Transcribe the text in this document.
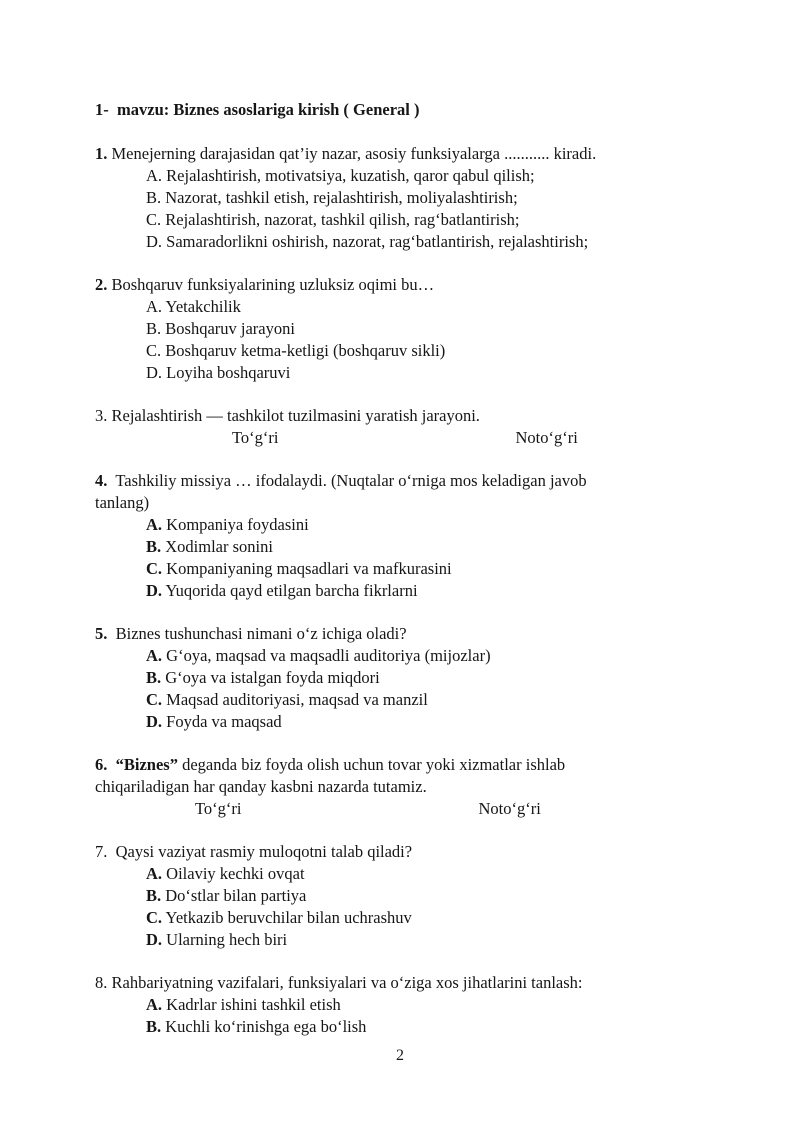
1-  mavzu: Biznes asoslariga kirish ( General )

1. Menejerning darajasidan qat’iy nazar, asosiy funksiyalarga ........... kiradi.

A. Rejalashtirish, motivatsiya, kuzatish, qaror qabul qilish;

B. Nazorat, tashkil etish, rejalashtirish, moliyalashtirish;

C. Rejalashtirish, nazorat, tashkil qilish, rag‘batlantirish;

D. Samaradorlikni oshirish, nazorat, rag‘batlantirish, rejalashtirish;

2. Boshqaruv funksiyalarining uzluksiz oqimi bu…

A. Yetakchilik

B. Boshqaruv jarayoni

C. Boshqaruv ketma-ketligi (boshqaruv sikli)

D. Loyiha boshqaruvi

3. Rejalashtirish — tashkilot tuzilmasini yaratish jarayoni.

To‘g‘ri	Noto‘g‘ri

4.  Tashkiliy missiya … ifodalaydi. (Nuqtalar o‘rniga mos keladigan javob
tanlang)

A. Kompaniya foydasini

B. Xodimlar sonini

C. Kompaniyaning maqsadlari va mafkurasini

D. Yuqorida qayd etilgan barcha fikrlarni

5.  Biznes tushunchasi nimani o‘z ichiga oladi?

A. G‘oya, maqsad va maqsadli auditoriya (mijozlar)

B. G‘oya va istalgan foyda miqdori

C. Maqsad auditoriyasi, maqsad va manzil

D. Foyda va maqsad

6.  “Biznes” deganda biz foyda olish uchun tovar yoki xizmatlar ishlab
chiqariladigan har qanday kasbni nazarda tutamiz.

To‘g‘ri	Noto‘g‘ri

7.  Qaysi vaziyat rasmiy muloqotni talab qiladi?

A. Oilaviy kechki ovqat

B. Do‘stlar bilan partiya

C. Yetkazib beruvchilar bilan uchrashuv

D. Ularning hech biri

8. Rahbariyatning vazifalari, funksiyalari va o‘ziga xos jihatlarini tanlash:

A. Kadrlar ishini tashkil etish

B. Kuchli ko‘rinishga ega bo‘lish

2
